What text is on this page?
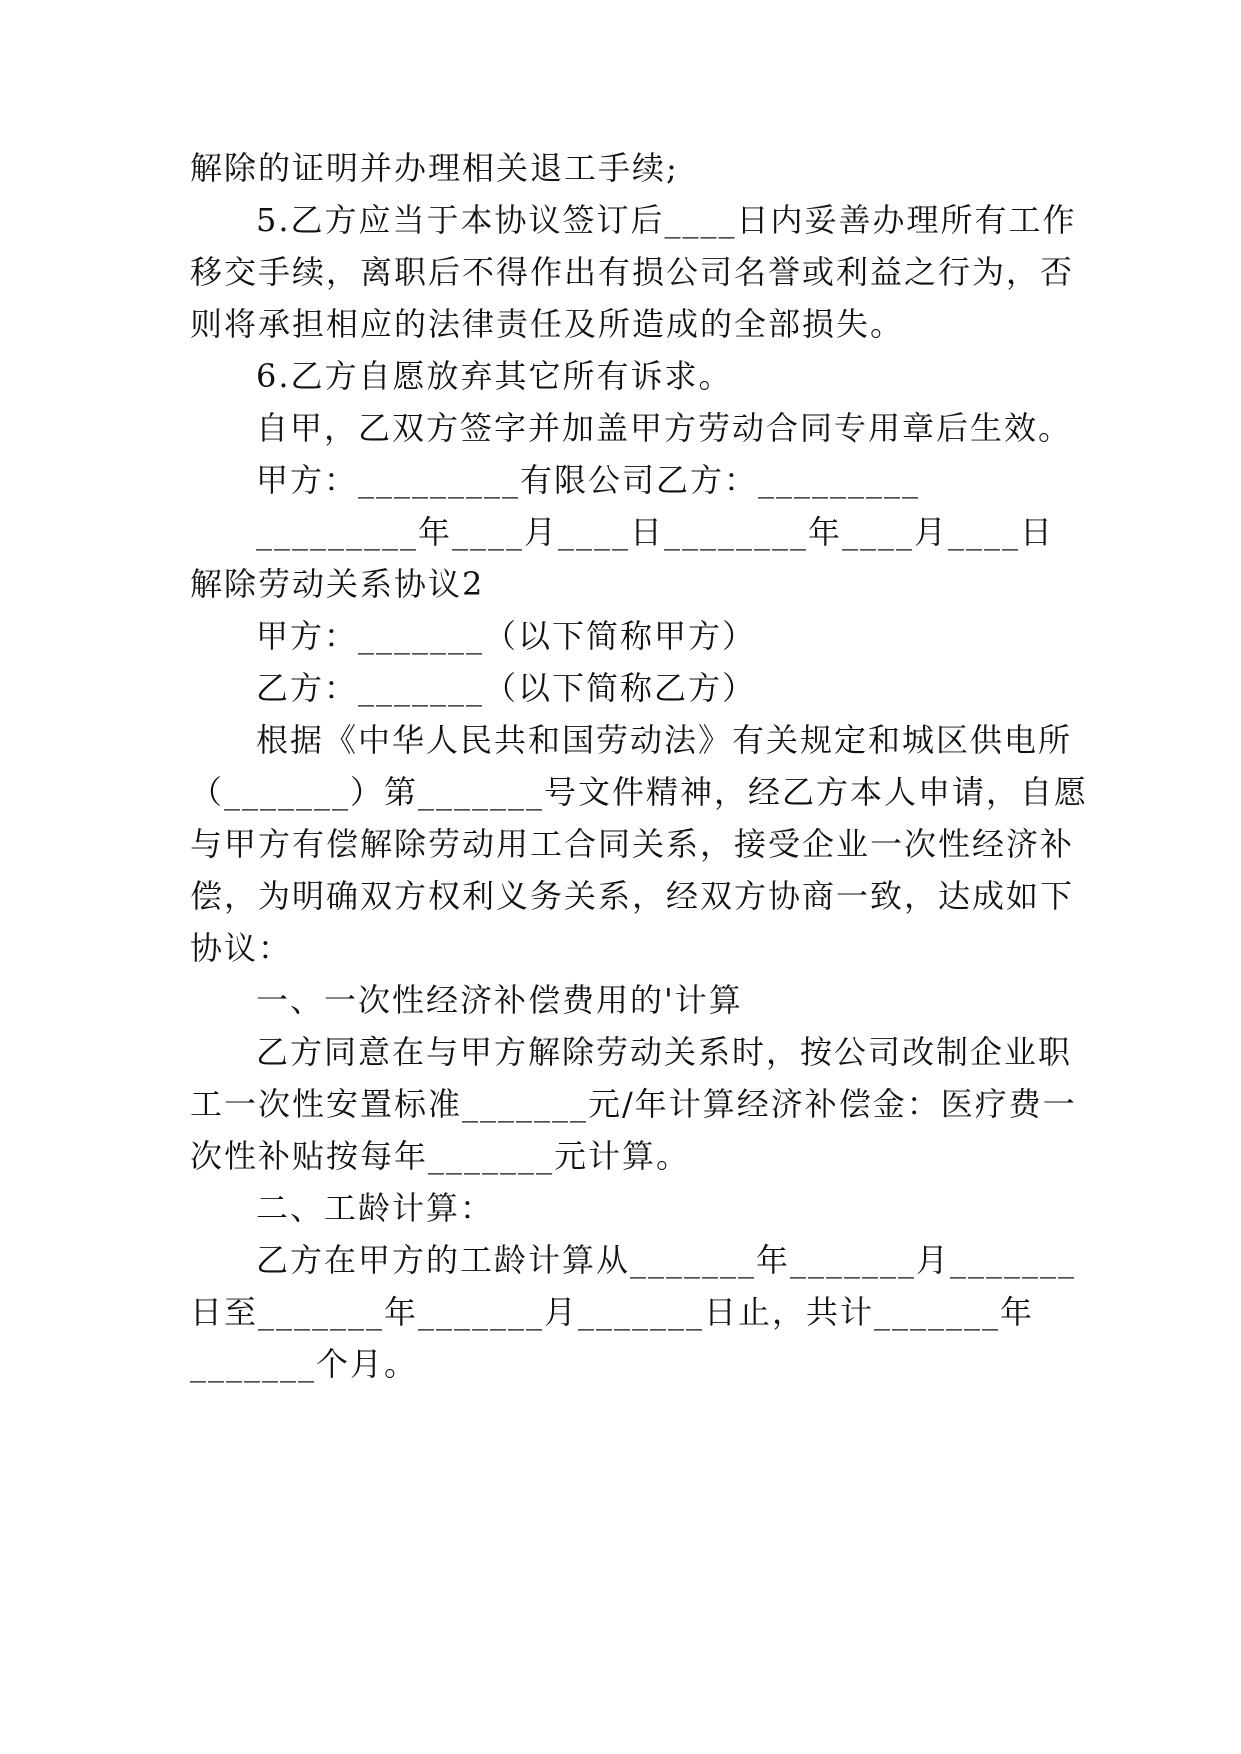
解除的证明并办理相关退工手续;
5.乙方应当于本协议签订后____日内妥善办理所有工作
移交手续，离职后不得作出有损公司名誉或利益之行为，否
则将承担相应的法律责任及所造成的全部损失。
6.乙方自愿放弃其它所有诉求。
自甲，乙双方签字并加盖甲方劳动合同专用章后生效。
甲方：_________有限公司乙方：_________
_________年____月____日________年____月____日
解除劳动关系协议2
甲方：_______（以下简称甲方）
乙方：_______（以下简称乙方）
根据《中华人民共和国劳动法》有关规定和城区供电所
（_______）第_______号文件精神，经乙方本人申请，自愿
与甲方有偿解除劳动用工合同关系，接受企业一次性经济补
偿，为明确双方权利义务关系，经双方协商一致，达成如下
协议：
一、一次性经济补偿费用的'计算
乙方同意在与甲方解除劳动关系时，按公司改制企业职
工一次性安置标准_______元/年计算经济补偿金：医疗费一
次性补贴按每年_______元计算。
二、工龄计算：
乙方在甲方的工龄计算从_______年_______月_______
日至_______年_______月_______日止，共计_______年
_______个月。
